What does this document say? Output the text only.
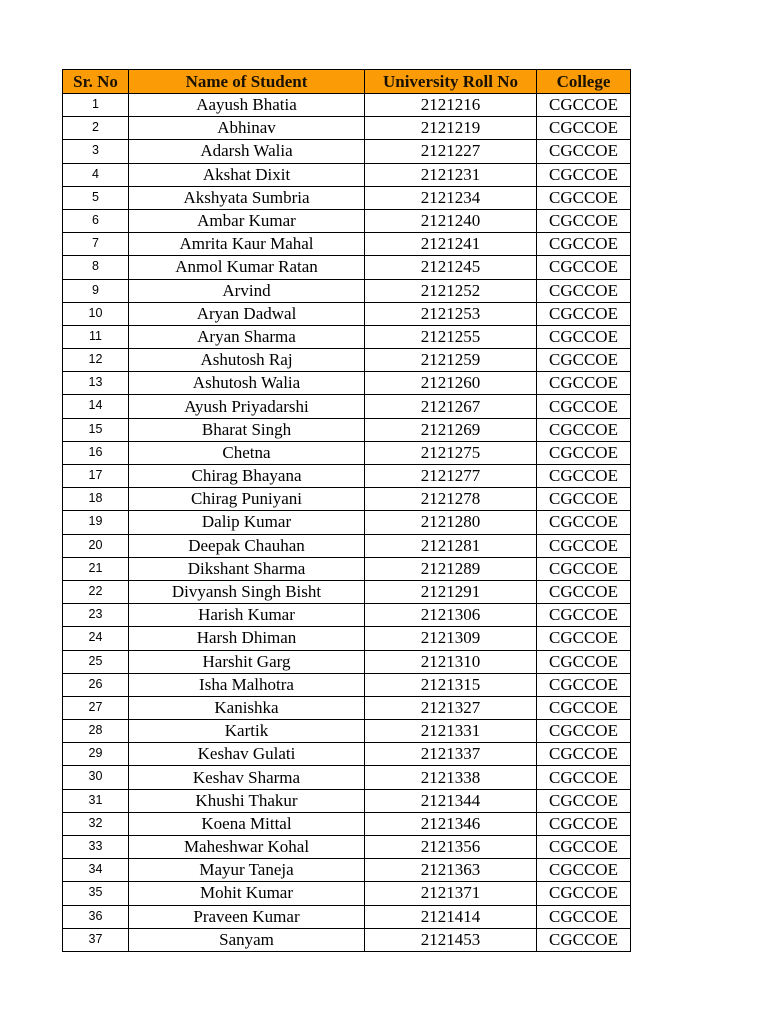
Sr. No	Name of Student	University Roll No	College
1	Aayush Bhatia	2121216	CGCCOE
2	Abhinav	2121219	CGCCOE
3	Adarsh Walia	2121227	CGCCOE
4	Akshat Dixit	2121231	CGCCOE
5	Akshyata Sumbria	2121234	CGCCOE
6	Ambar Kumar	2121240	CGCCOE
7	Amrita Kaur Mahal	2121241	CGCCOE
8	Anmol Kumar Ratan	2121245	CGCCOE
9	Arvind	2121252	CGCCOE
10	Aryan Dadwal	2121253	CGCCOE
11	Aryan Sharma	2121255	CGCCOE
12	Ashutosh Raj	2121259	CGCCOE
13	Ashutosh Walia	2121260	CGCCOE
14	Ayush Priyadarshi	2121267	CGCCOE
15	Bharat Singh	2121269	CGCCOE
16	Chetna	2121275	CGCCOE
17	Chirag Bhayana	2121277	CGCCOE
18	Chirag Puniyani	2121278	CGCCOE
19	Dalip Kumar	2121280	CGCCOE
20	Deepak Chauhan	2121281	CGCCOE
21	Dikshant Sharma	2121289	CGCCOE
22	Divyansh Singh Bisht	2121291	CGCCOE
23	Harish Kumar	2121306	CGCCOE
24	Harsh Dhiman	2121309	CGCCOE
25	Harshit Garg	2121310	CGCCOE
26	Isha Malhotra	2121315	CGCCOE
27	Kanishka	2121327	CGCCOE
28	Kartik	2121331	CGCCOE
29	Keshav Gulati	2121337	CGCCOE
30	Keshav Sharma	2121338	CGCCOE
31	Khushi Thakur	2121344	CGCCOE
32	Koena Mittal	2121346	CGCCOE
33	Maheshwar Kohal	2121356	CGCCOE
34	Mayur Taneja	2121363	CGCCOE
35	Mohit Kumar	2121371	CGCCOE
36	Praveen Kumar	2121414	CGCCOE
37	Sanyam	2121453	CGCCOE
